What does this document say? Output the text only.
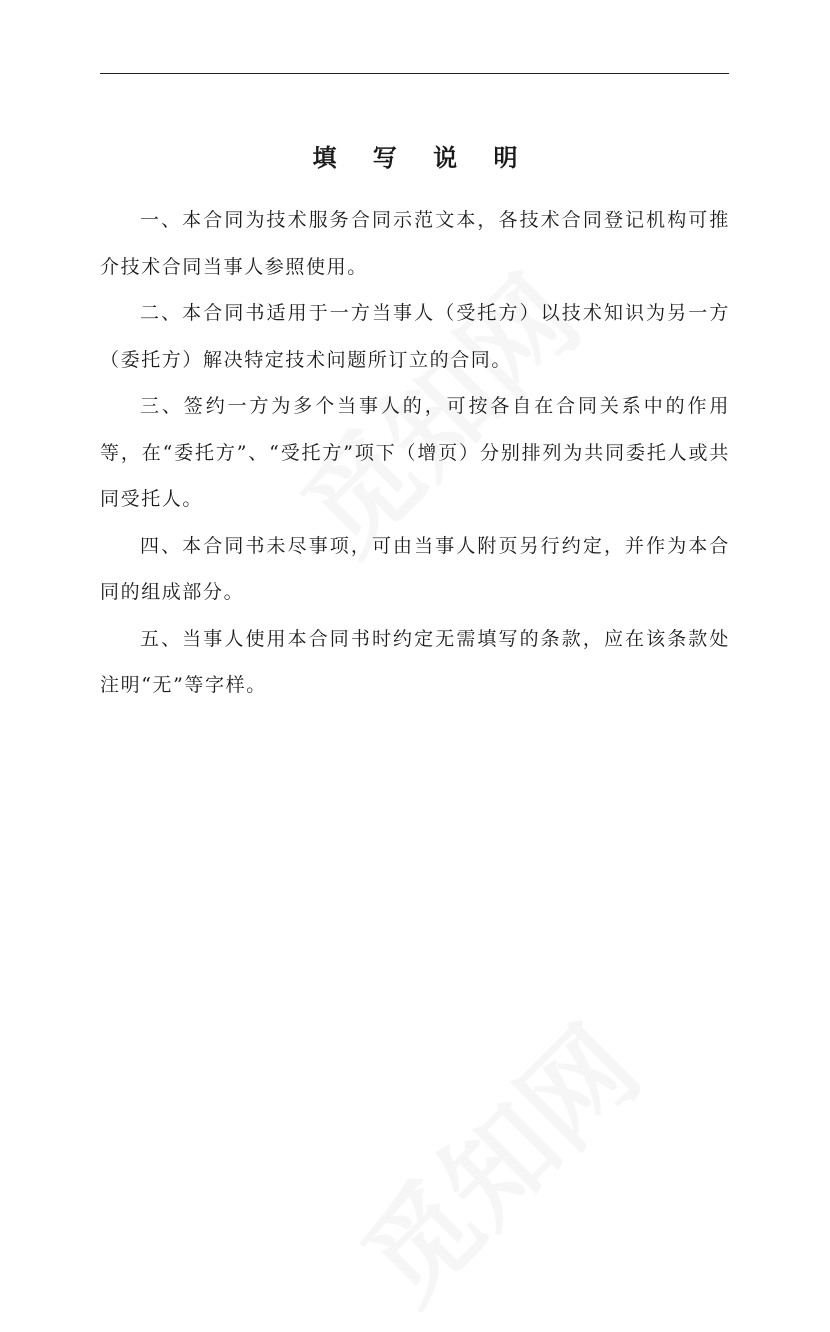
填 写 说 明

一、本合同为技术服务合同示范文本，各技术合同登记机构可推介技术合同当事人参照使用。

二、本合同书适用于一方当事人（受托方）以技术知识为另一方（委托方）解决特定技术问题所订立的合同。

三、签约一方为多个当事人的，可按各自在合同关系中的作用等，在“委托方”、“受托方”项下（增页）分别排列为共同委托人或共同受托人。

四、本合同书未尽事项，可由当事人附页另行约定，并作为本合同的组成部分。

五、当事人使用本合同书时约定无需填写的条款，应在该条款处注明“无”等字样。
